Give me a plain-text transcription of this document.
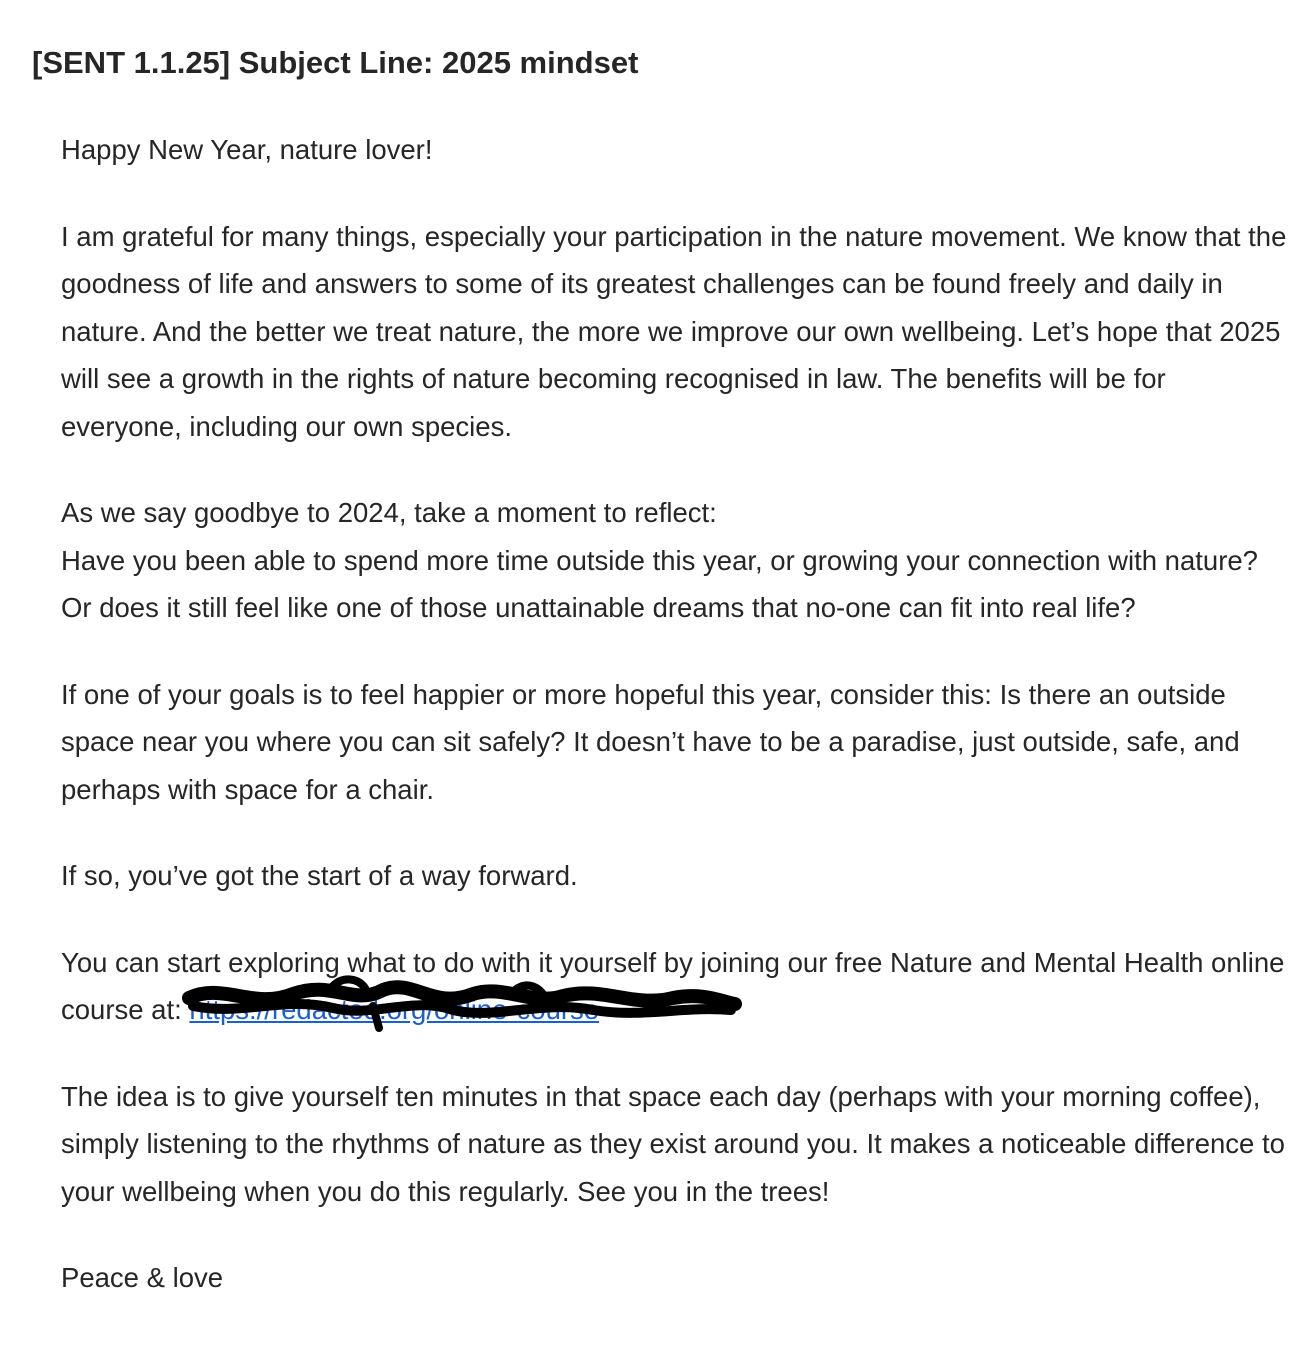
[SENT 1.1.25] Subject Line: 2025 mindset

Happy New Year, nature lover!

I am grateful for many things, especially your participation in the nature movement. We know that the goodness of life and answers to some of its greatest challenges can be found freely and daily in nature. And the better we treat nature, the more we improve our own wellbeing. Let’s hope that 2025 will see a growth in the rights of nature becoming recognised in law. The benefits will be for everyone, including our own species.

As we say goodbye to 2024, take a moment to reflect:

Have you been able to spend more time outside this year, or growing your connection with nature? Or does it still feel like one of those unattainable dreams that no-one can fit into real life?

If one of your goals is to feel happier or more hopeful this year, consider this: Is there an outside space near you where you can sit safely? It doesn’t have to be a paradise, just outside, safe, and perhaps with space for a chair.

If so, you’ve got the start of a way forward.

You can start exploring what to do with it yourself by joining our free Nature and Mental Health online course at: https://redacted.org/online-course

The idea is to give yourself ten minutes in that space each day (perhaps with your morning coffee), simply listening to the rhythms of nature as they exist around you. It makes a noticeable difference to your wellbeing when you do this regularly. See you in the trees!

Peace & love
